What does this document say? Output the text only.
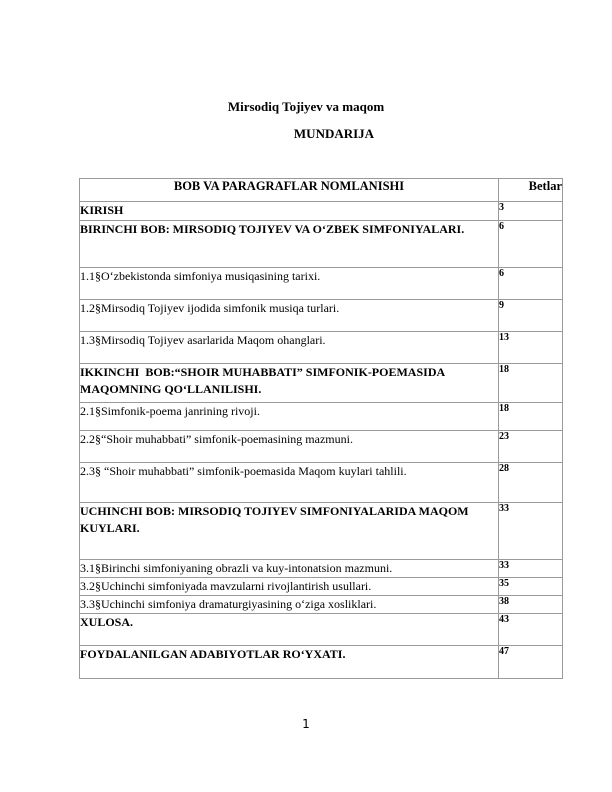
Mirsodiq Tojiyev va maqom
MUNDARIJA
BOB VA PARAGRAFLAR NOMLANISHI	Betlar
KIRISH	3
BIRINCHI BOB: MIRSODIQ TOJIYEV VA O‘ZBEK SIMFONIYALARI.	6
1.1§O‘zbekistonda simfoniya musiqasining tarixi.	6
1.2§Mirsodiq Tojiyev ijodida simfonik musiqa turlari.	9
1.3§Mirsodiq Tojiyev asarlarida Maqom ohanglari.	13
IKKINCHI  BOB:“SHOIR MUHABBATI” SIMFONIK-POEMASIDA MAQOMNING QO‘LLANILISHI.	18
2.1§Simfonik-poema janrining rivoji.	18
2.2§“Shoir muhabbati” simfonik-poemasining mazmuni.	23
2.3§ “Shoir muhabbati” simfonik-poemasida Maqom kuylari tahlili.	28
UCHINCHI BOB: MIRSODIQ TOJIYEV SIMFONIYALARIDA MAQOM KUYLARI.	33
3.1§Birinchi simfoniyaning obrazli va kuy-intonatsion mazmuni.	33
3.2§Uchinchi simfoniyada mavzularni rivojlantirish usullari.	35
3.3§Uchinchi simfoniya dramaturgiyasining o‘ziga xosliklari.	38
XULOSA.	43
FOYDALANILGAN ADABIYOTLAR RO‘YXATI.	47
1
